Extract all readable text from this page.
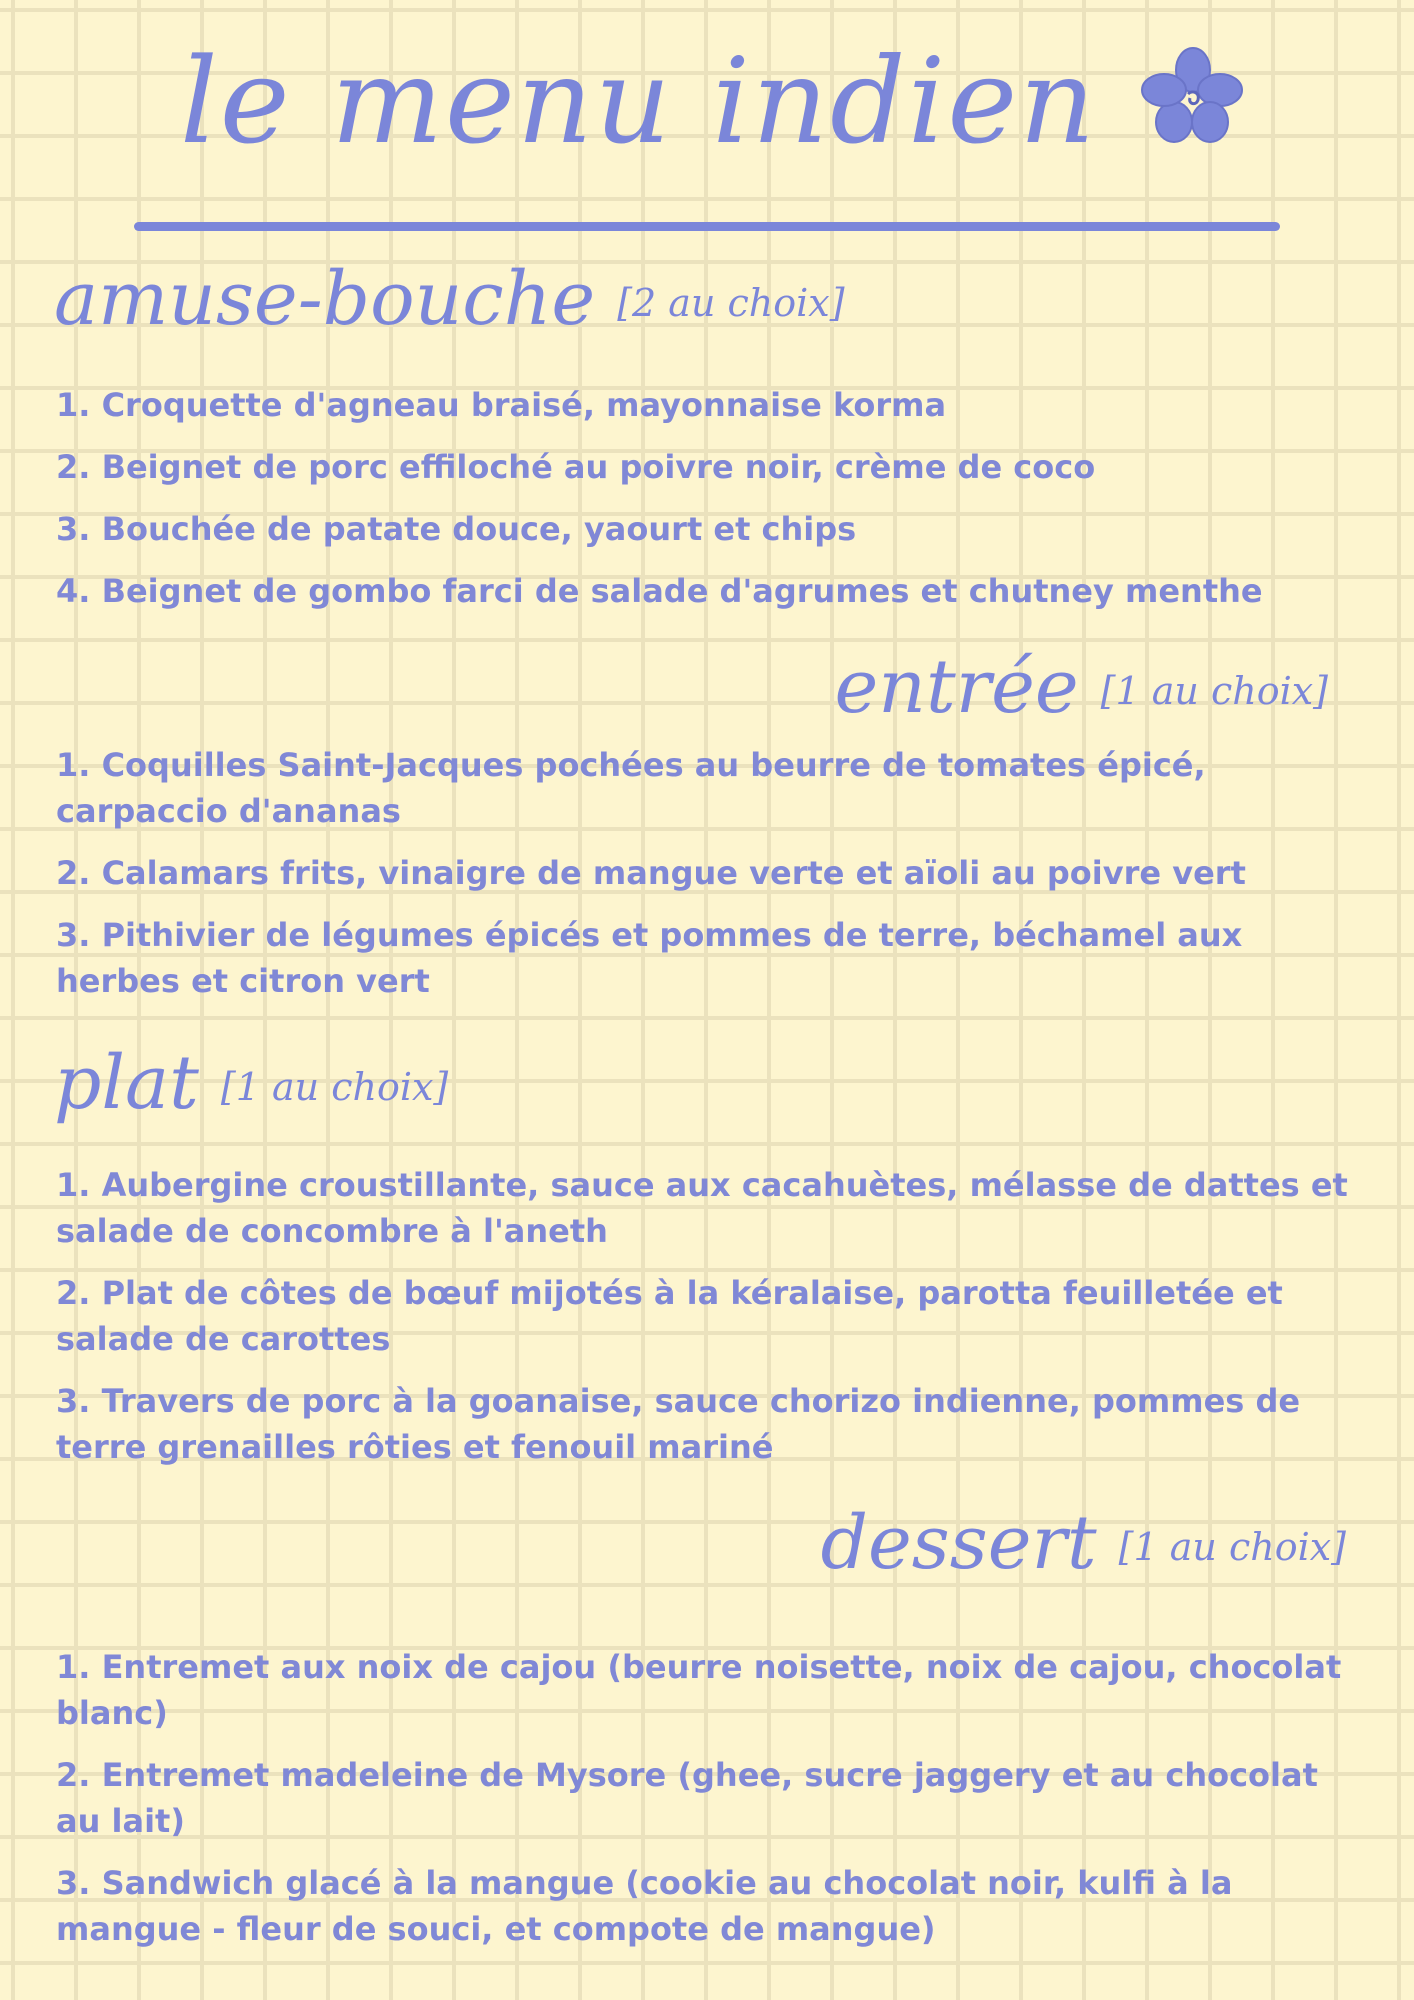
le menu indien
amuse-bouche [2 au choix]
1. Croquette d'agneau braisé, mayonnaise korma
2. Beignet de porc effiloché au poivre noir, crème de coco
3. Bouchée de patate douce, yaourt et chips
4. Beignet de gombo farci de salade d'agrumes et chutney menthe
entrée [1 au choix]
1. Coquilles Saint-Jacques pochées au beurre de tomates épicé, carpaccio d'ananas
2. Calamars frits, vinaigre de mangue verte et aïoli au poivre vert
3. Pithivier de légumes épicés et pommes de terre, béchamel aux herbes et citron vert
plat [1 au choix]
1. Aubergine croustillante, sauce aux cacahuètes, mélasse de dattes et salade de concombre à l'aneth
2. Plat de côtes de bœuf mijotés à la kéralaise, parotta feuilletée et salade de carottes
3. Travers de porc à la goanaise, sauce chorizo indienne, pommes de terre grenailles rôties et fenouil mariné
dessert [1 au choix]
1. Entremet aux noix de cajou (beurre noisette, noix de cajou, chocolat blanc)
2. Entremet madeleine de Mysore (ghee, sucre jaggery et au chocolat au lait)
3. Sandwich glacé à la mangue (cookie au chocolat noir, kulfi à la mangue - fleur de souci, et compote de mangue)
